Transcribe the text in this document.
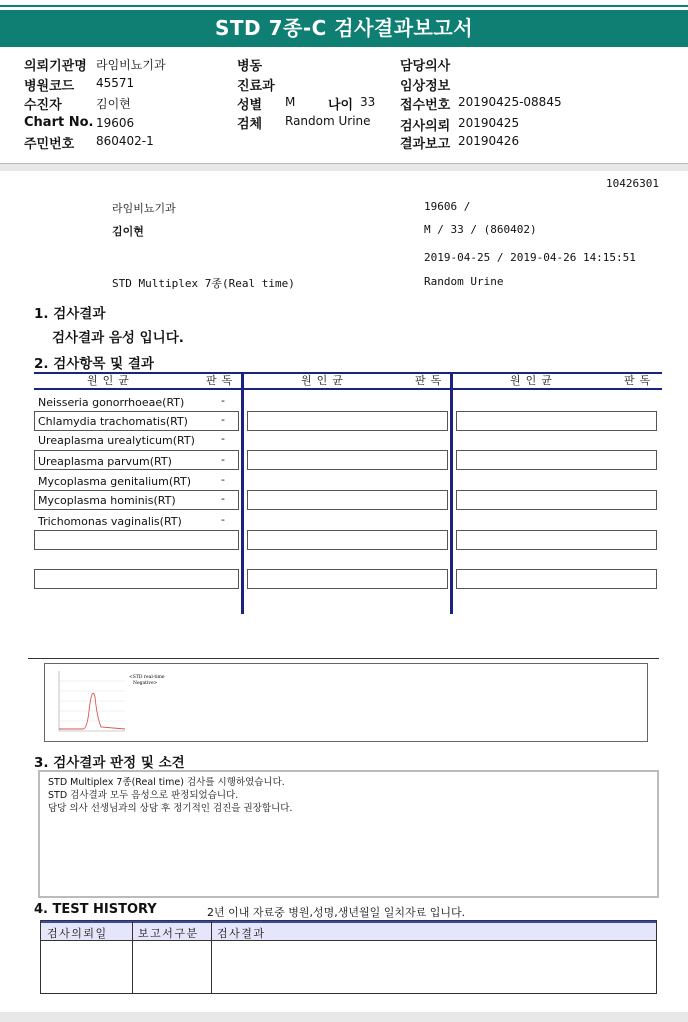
STD 7종-C 검사결과보고서
의뢰기관명 라임비뇨기과
병원코드 45571
수진자	김이현
Chart No. 19606
주민번호 860402-1
병동
진료과
성별 M	나이 33
검체 Random Urine
담당의사
임상정보
접수번호 20190425-08845
검사의뢰 20190425
결과보고 20190426
10426301
라임비뇨기과	19606 /
김이현	M / 33 / (860402)
2019-04-25 / 2019-04-26 14:15:51
STD Multiplex 7종(Real time)	Random Urine
1. 검사결과
검사결과 음성 입니다.
2. 검사항목 및 결과
원인균	판독	원인균	판독	원인균	판독
Neisseria gonorrhoeae(RT)	-
Chlamydia trachomatis(RT)	-
Ureaplasma urealyticum(RT) -
Ureaplasma parvum(RT)	-
Mycoplasma genitalium(RT)	-
Mycoplasma hominis(RT)	-
Trichomonas vaginalis(RT)	-
<STD real-time
Negative>
3. 검사결과 판정 및 소견
STD Multiplex 7종(Real time) 검사를 시행하였습니다.
STD 검사결과 모두 음성으로 판정되었습니다.
담당 의사 선생님과의 상담 후 정기적인 검진을 권장합니다.
4. TEST HISTORY	2년 이내 자료중 병원,성명,생년월일 일치자료 입니다.
검사의뢰일	보고서구분 검사결과
